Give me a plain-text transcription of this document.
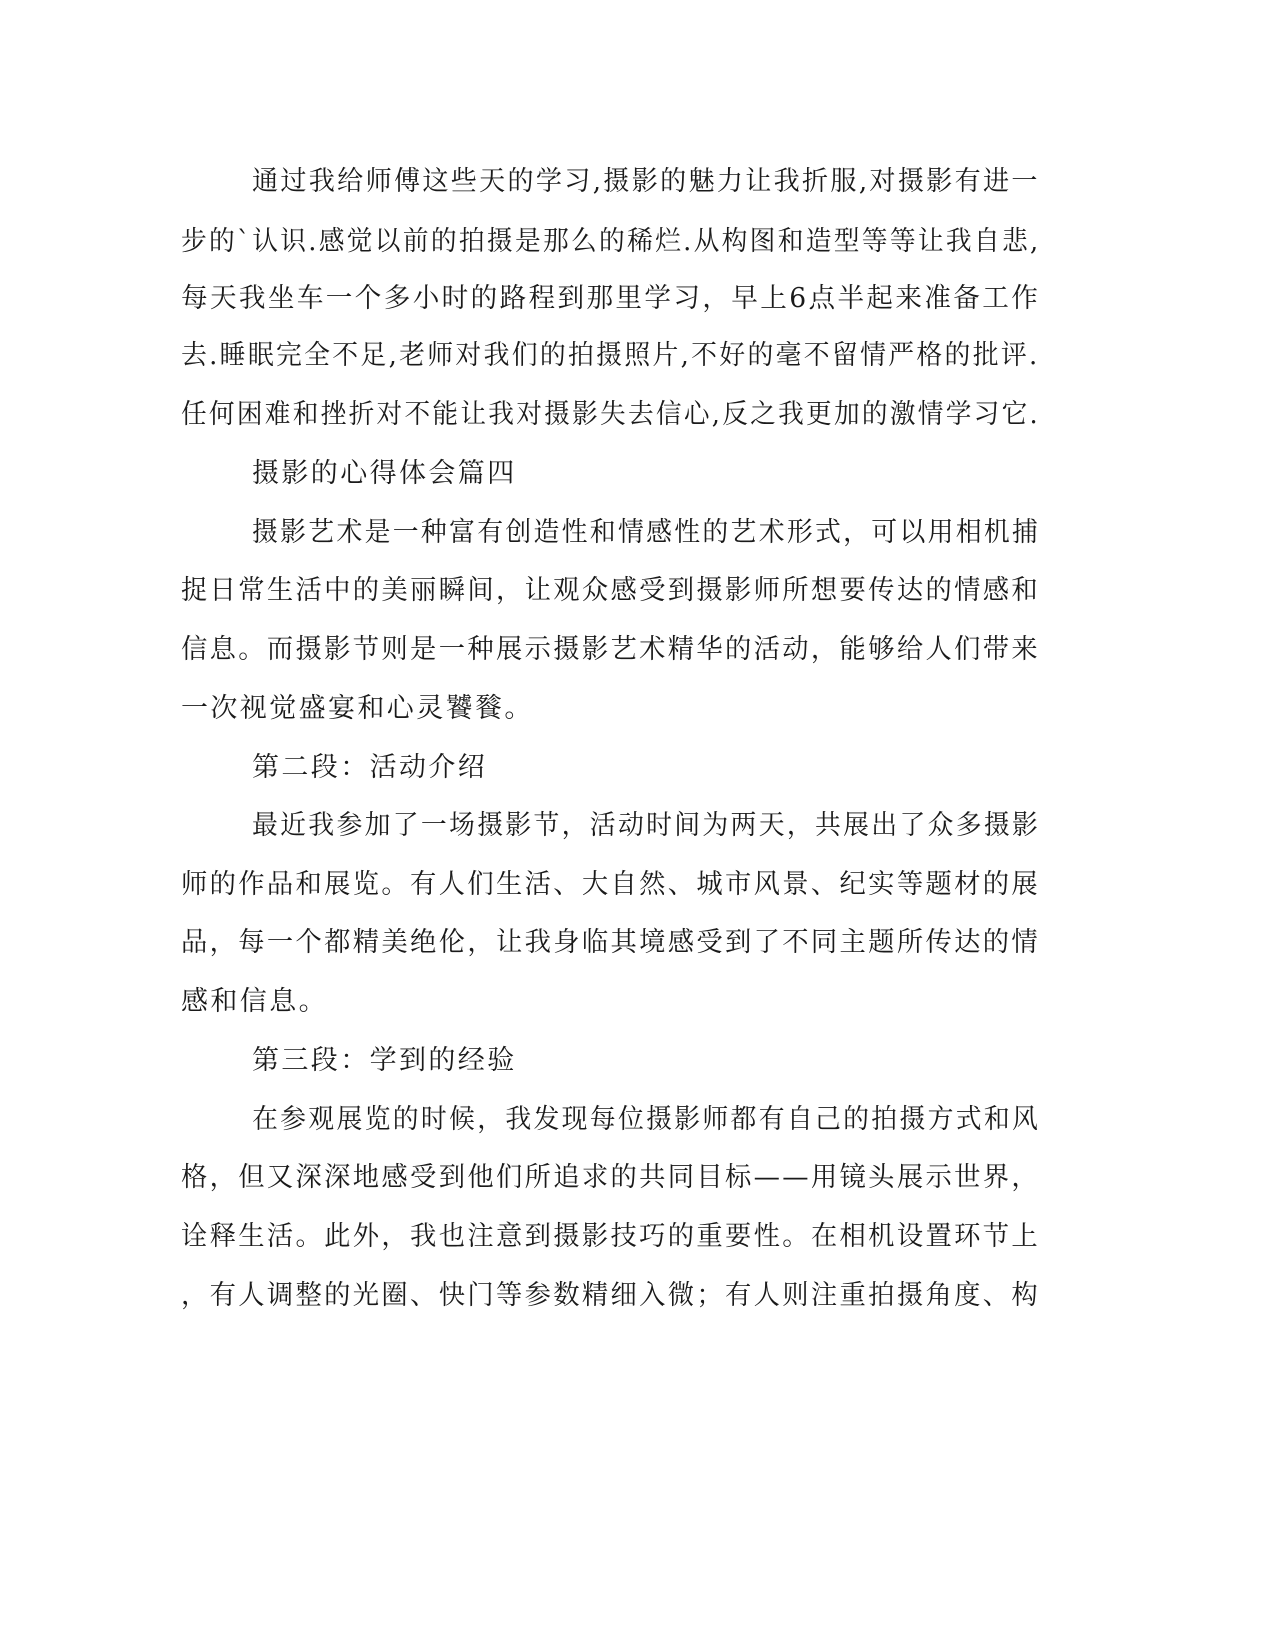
通过我给师傅这些天的学习,摄影的魅力让我折服,对摄影有进一
步的`认识.感觉以前的拍摄是那么的稀烂.从构图和造型等等让我自悲,
每天我坐车一个多小时的路程到那里学习，早上6点半起来准备工作
去.睡眠完全不足,老师对我们的拍摄照片,不好的毫不留情严格的批评.
任何困难和挫折对不能让我对摄影失去信心,反之我更加的激情学习它.
摄影的心得体会篇四
摄影艺术是一种富有创造性和情感性的艺术形式，可以用相机捕
捉日常生活中的美丽瞬间，让观众感受到摄影师所想要传达的情感和
信息。而摄影节则是一种展示摄影艺术精华的活动，能够给人们带来
一次视觉盛宴和心灵饕餮。
第二段：活动介绍
最近我参加了一场摄影节，活动时间为两天，共展出了众多摄影
师的作品和展览。有人们生活、大自然、城市风景、纪实等题材的展
品，每一个都精美绝伦，让我身临其境感受到了不同主题所传达的情
感和信息。
第三段：学到的经验
在参观展览的时候，我发现每位摄影师都有自己的拍摄方式和风
格，但又深深地感受到他们所追求的共同目标——用镜头展示世界，
诠释生活。此外，我也注意到摄影技巧的重要性。在相机设置环节上
，有人调整的光圈、快门等参数精细入微；有人则注重拍摄角度、构
